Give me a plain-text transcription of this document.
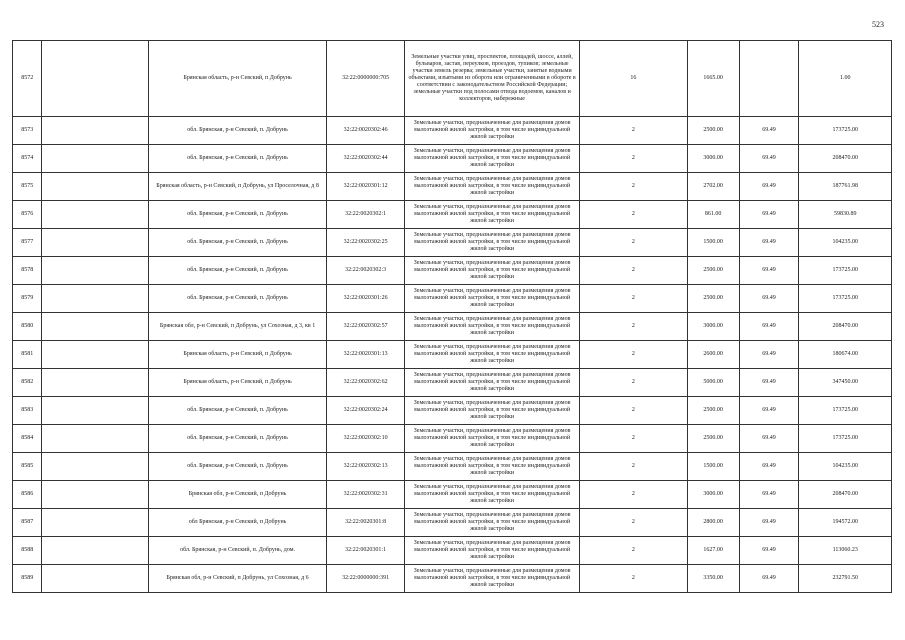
523
8572		Брянская область, р-н Севский, п Добрунь	32:22:0000000:705	Земельные участки улиц, проспектов, площадей, шоссе, аллей, бульваров, застав, переулков, проездов, тупиков; земельные участки земель резерва; земельные участки, занятые водными объектами, изъятыми из оборота или ограниченными в обороте в соответствии с законодательством Российской Федерации; земельные участки под полосами отвода водоемов, каналов и коллекторов, набережные	16	1665.00		1.00
8573		обл. Брянская, р-н Севский, п. Добрунь	32:22:0020302:46	Земельные участки, предназначенные для размещения домов малоэтажной жилой застройки, в том числе индивидуальной жилой застройки	2	2500.00	69.49	173725.00
8574		обл. Брянская, р-н Севский, п. Добрунь	32:22:0020302:44	Земельные участки, предназначенные для размещения домов малоэтажной жилой застройки, в том числе индивидуальной жилой застройки	2	3000.00	69.49	208470.00
8575		Брянская область, р-н Севский, п Добрунь, ул Проселочная, д 8	32:22:0020301:12	Земельные участки, предназначенные для размещения домов малоэтажной жилой застройки, в том числе индивидуальной жилой застройки	2	2702.00	69.49	187761.98
8576		обл. Брянская, р-н Севский, п. Добрунь	32:22:0020302:1	Земельные участки, предназначенные для размещения домов малоэтажной жилой застройки, в том числе индивидуальной жилой застройки	2	861.00	69.49	59830.89
8577		обл. Брянская, р-н Севский, п. Добрунь	32:22:0020302:25	Земельные участки, предназначенные для размещения домов малоэтажной жилой застройки, в том числе индивидуальной жилой застройки	2	1500.00	69.49	104235.00
8578		обл. Брянская, р-н Севский, п. Добрунь	32:22:0020302:3	Земельные участки, предназначенные для размещения домов малоэтажной жилой застройки, в том числе индивидуальной жилой застройки	2	2500.00	69.49	173725.00
8579		обл. Брянская, р-н Севский, п. Добрунь	32:22:0020301:26	Земельные участки, предназначенные для размещения домов малоэтажной жилой застройки, в том числе индивидуальной жилой застройки	2	2500.00	69.49	173725.00
8580		Брянская обл, р-н Севский, п Добрунь, ул Сохозная, д 3, кв 1	32:22:0020302:57	Земельные участки, предназначенные для размещения домов малоэтажной жилой застройки, в том числе индивидуальной жилой застройки	2	3000.00	69.49	208470.00
8581		Брянская область, р-н Севский, п Добрунь	32:22:0020301:13	Земельные участки, предназначенные для размещения домов малоэтажной жилой застройки, в том числе индивидуальной жилой застройки	2	2600.00	69.49	180674.00
8582		Брянская область, р-н Севский, п Добрунь	32:22:0020302:62	Земельные участки, предназначенные для размещения домов малоэтажной жилой застройки, в том числе индивидуальной жилой застройки	2	5000.00	69.49	347450.00
8583		обл. Брянская, р-н Севский, п. Добрунь	32:22:0020302:24	Земельные участки, предназначенные для размещения домов малоэтажной жилой застройки, в том числе индивидуальной жилой застройки	2	2500.00	69.49	173725.00
8584		обл. Брянская, р-н Севский, п. Добрунь	32:22:0020302:10	Земельные участки, предназначенные для размещения домов малоэтажной жилой застройки, в том числе индивидуальной жилой застройки	2	2500.00	69.49	173725.00
8585		обл. Брянская, р-н Севский, п. Добрунь	32:22:0020302:13	Земельные участки, предназначенные для размещения домов малоэтажной жилой застройки, в том числе индивидуальной жилой застройки	2	1500.00	69.49	104235.00
8586		Брянская обл, р-н Севский, п Добрунь	32:22:0020302:31	Земельные участки, предназначенные для размещения домов малоэтажной жилой застройки, в том числе индивидуальной жилой застройки	2	3000.00	69.49	208470.00
8587		обл Брянская, р-н Севский, п Добрунь	32:22:0020301:8	Земельные участки, предназначенные для размещения домов малоэтажной жилой застройки, в том числе индивидуальной жилой застройки	2	2800.00	69.49	194572.00
8588		обл. Брянская, р-н Севский, п. Добрунь, дом.	32:22:0020301:1	Земельные участки, предназначенные для размещения домов малоэтажной жилой застройки, в том числе индивидуальной жилой застройки	2	1627.00	69.49	113060.23
8589		Брянская обл, р-н Севский, п Добрунь, ул Сохозная, д 6	32:22:0000000:391	Земельные участки, предназначенные для размещения домов малоэтажной жилой застройки, в том числе индивидуальной жилой застройки	2	3350.00	69.49	232791.50
